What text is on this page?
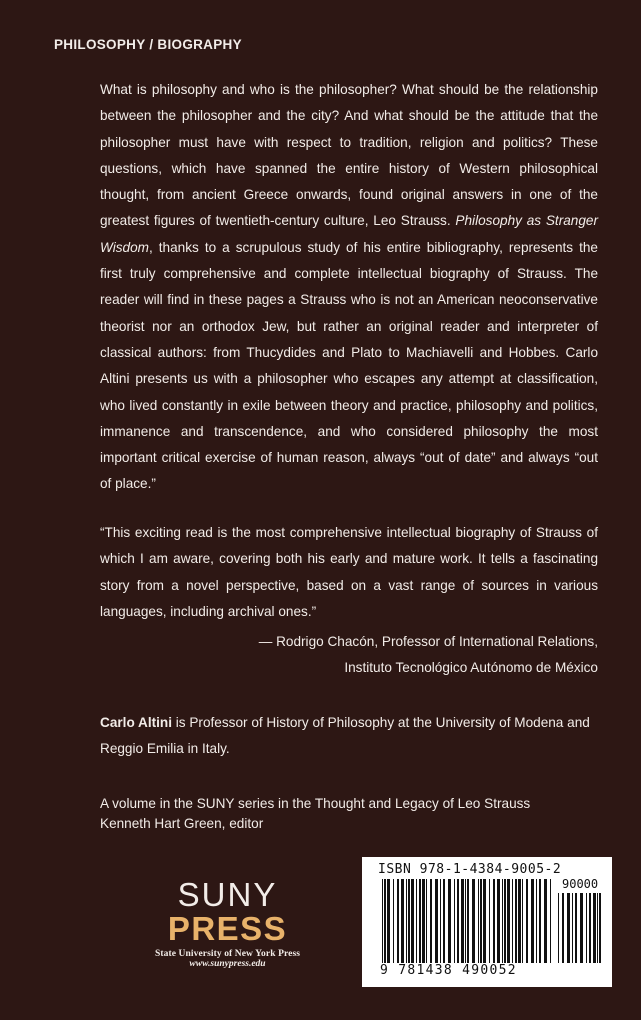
PHILOSOPHY / BIOGRAPHY

What is philosophy and who is the philosopher? What should be the relationship between the philosopher and the city? And what should be the attitude that the philosopher must have with respect to tradition, religion and politics? These questions, which have spanned the entire history of Western philosophical thought, from ancient Greece onwards, found original answers in one of the greatest figures of twentieth-century culture, Leo Strauss. Philosophy as Stranger Wisdom, thanks to a scrupulous study of his entire bibliography, represents the first truly comprehensive and complete intellectual biography of Strauss. The reader will find in these pages a Strauss who is not an American neoconservative theorist nor an orthodox Jew, but rather an original reader and interpreter of classical authors: from Thucydides and Plato to Machiavelli and Hobbes. Carlo Altini presents us with a philosopher who escapes any attempt at classification, who lived constantly in exile between theory and practice, philosophy and politics, immanence and transcendence, and who considered philosophy the most important critical exercise of human reason, always “out of date” and always “out of place.”

“This exciting read is the most comprehensive intellectual biography of Strauss of which I am aware, covering both his early and mature work. It tells a fascinating story from a novel perspective, based on a vast range of sources in various languages, including archival ones.”

— Rodrigo Chacón, Professor of International Relations,
Instituto Tecnológico Autónomo de México

Carlo Altini is Professor of History of Philosophy at the University of Modena and Reggio Emilia in Italy.

A volume in the SUNY series in the Thought and Legacy of Leo Strauss
Kenneth Hart Green, editor
SUNY
PRESS
State University of New York Press
www.sunypress.edu
ISBN 978-1-4384-9005-2
90000
9 781438 490052
